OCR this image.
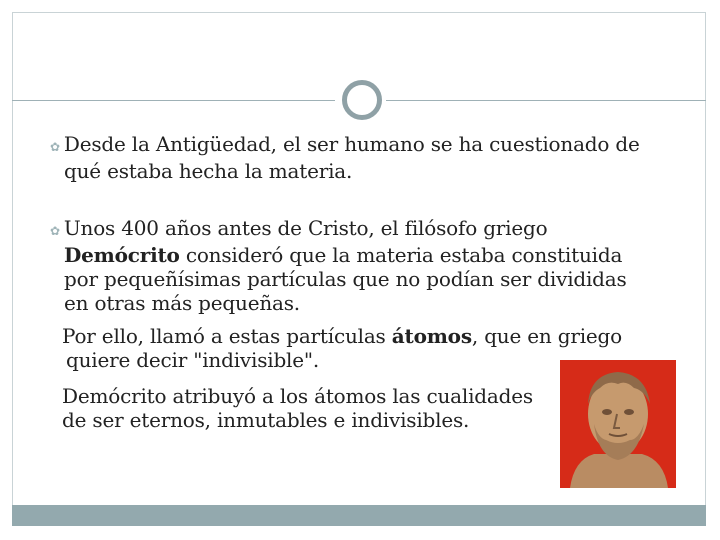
✿ Desde la Antigüedad, el ser humano se ha cuestionado de
qué estaba hecha la materia.
✿ Unos 400 años antes de Cristo, el filósofo griego
Demócrito consideró que la materia estaba constituida
por pequeñísimas partículas que no podían ser divididas
en otras más pequeñas.
Por ello, llamó a estas partículas átomos, que en griego
quiere decir "indivisible".
Demócrito atribuyó a los átomos las cualidades
de ser eternos, inmutables e indivisibles.
